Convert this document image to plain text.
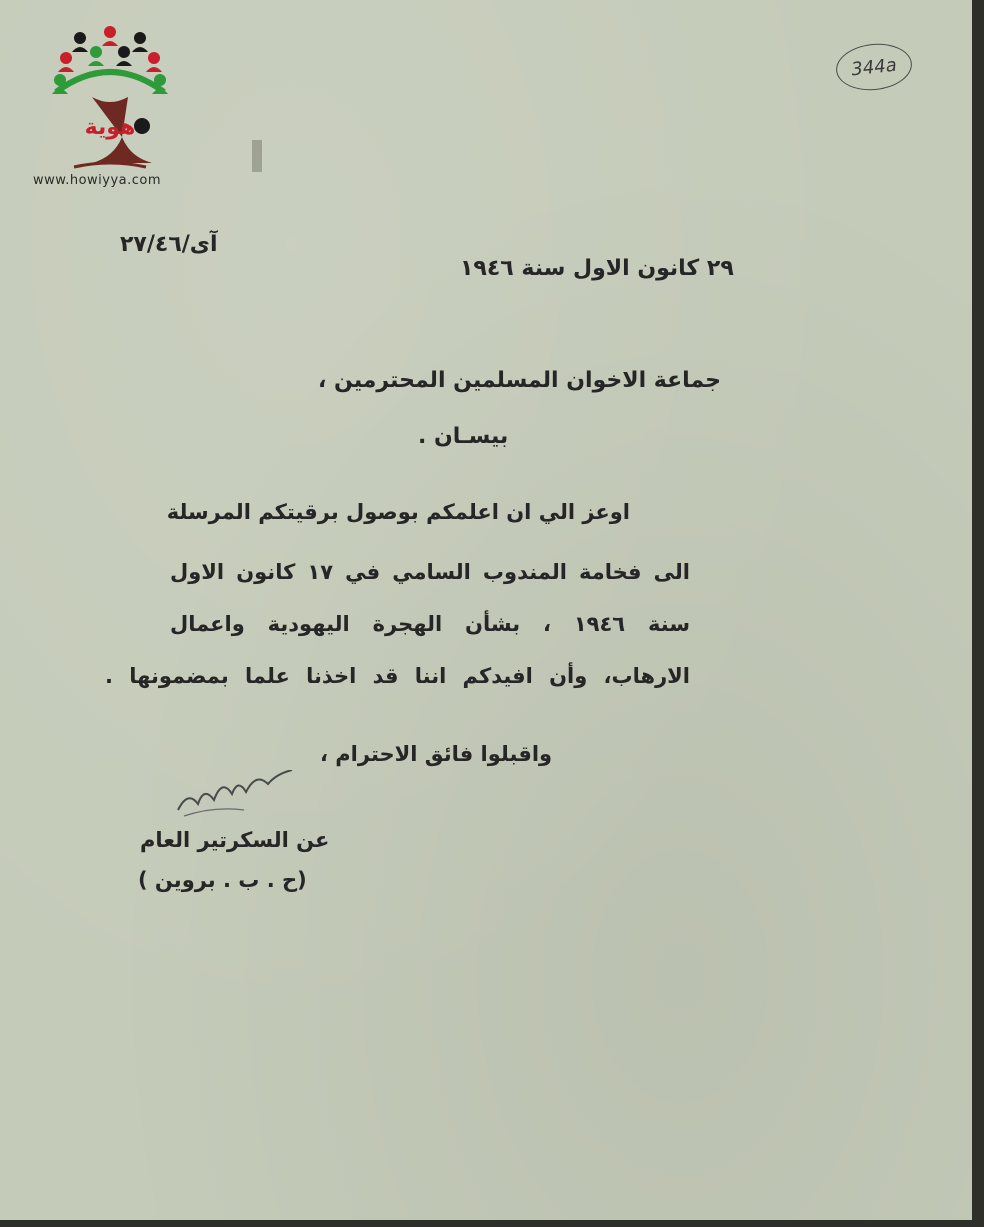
هوية
www.howiyya.com
344a
آى/٢٧/٤٦
٢٩ كانون الاول سنة ١٩٤٦
جماعة الاخوان المسلمين المحترمين ،
بيسـان .
اوعز الي ان اعلمكم بوصول برقيتكم المرسلة
الى فخامة المندوب السامي في ١٧ كانون الاول
سنة ١٩٤٦ ، بشأن الهجرة اليهودية واعمال
الارهاب، وأن افيدكم اننا قد اخذنا علما بمضمونها .
واقبلوا فائق الاحترام ،
عن السكرتير العام
(ح . ب . بروين )
